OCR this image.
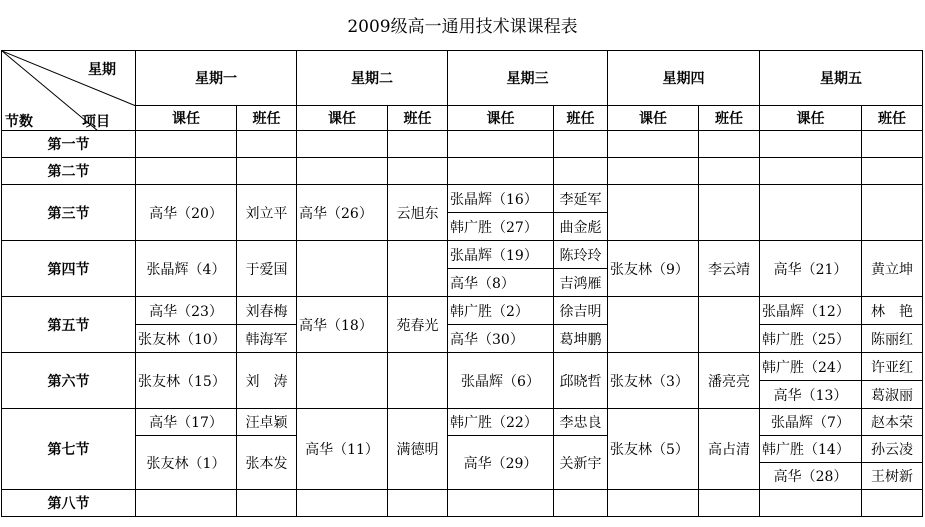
2009级高一通用技术课课程表
星期
项目
节数	星期一		星期二		星期三		星期四		星期五	
	课任	班任	课任	班任	课任	班任	课任	班任	课任	班任
第一节										
第二节										
第三节	高华（20）	刘立平	高华（26）	云旭东	张晶辉（16）	李延军				
					韩广胜（27）	曲金彪				
第四节	张晶辉（4）	于爱国			张晶辉（19）	陈玲玲	张友林（9）	李云靖	高华（21）	黄立坤
					高华（8）	吉鸿雁				
第五节	高华（23）	刘春梅	高华（18）	苑春光	韩广胜（2）	徐吉明			张晶辉（12）	林　艳
	张友林（10）	韩海军			高华（30）	葛坤鹏			韩广胜（25）	陈丽红
第六节	张友林（15）	刘　涛			张晶辉（6）	邱晓哲	张友林（3）	潘亮亮	韩广胜（24）	许亚红
									高华（13）	葛淑丽
第七节	高华（17）	汪卓颖	高华（11）	满德明	韩广胜（22）	李忠良	张友林（5）	高占清	张晶辉（7）	赵本荣
	张友林（1）	张本发			高华（29）	关新宇			韩广胜（14）	孙云凌
									高华（28）	王树新
第八节										
